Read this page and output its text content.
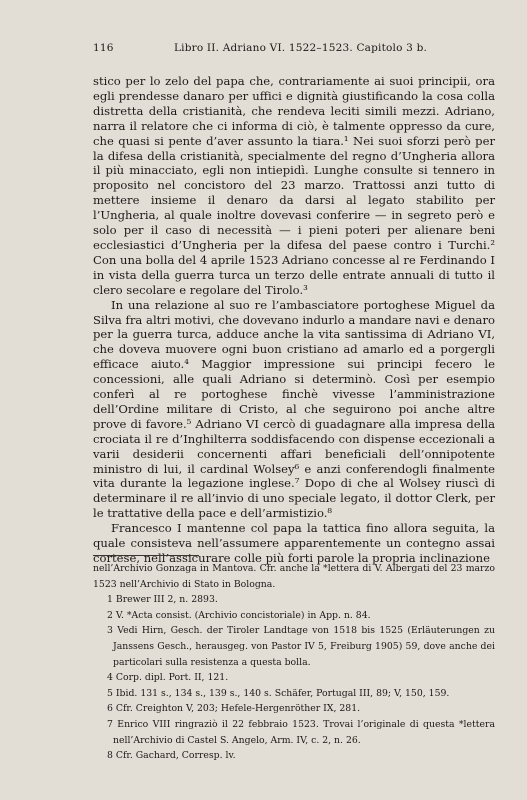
116	Libro II. Adriano VI. 1522–1523. Capitolo 3 b.

stico per lo zelo del papa che, contrariamente ai suoi principii, ora egli prendesse danaro per uffici e dignità giustificando la cosa colla distretta della cristianità, che rendeva leciti simili mezzi. Adriano, narra il relatore che ci informa di ciò, è talmente oppresso da cure, che quasi si pente d’aver assunto la tiara.¹ Nei suoi sforzi però per la difesa della cristianità, specialmente del regno d’Ungheria allora il più minacciato, egli non intiepidì. Lunghe consulte si tennero in proposito nel concistoro del 23 marzo. Trattossi anzi tutto di mettere insieme il denaro da darsi al legato stabilito per l’Ungheria, al quale inoltre dovevasi conferire — in segreto però e solo per il caso di necessità — i pieni poteri per alienare beni ecclesiastici d’Ungheria per la difesa del paese contro i Turchi.² Con una bolla del 4 aprile 1523 Adriano concesse al re Ferdinando I in vista della guerra turca un terzo delle entrate annuali di tutto il clero secolare e regolare del Tirolo.³

In una relazione al suo re l’ambasciatore portoghese Miguel da Silva fra altri motivi, che dovevano indurlo a mandare navi e denaro per la guerra turca, adduce anche la vita santissima di Adriano VI, che doveva muovere ogni buon cristiano ad amarlo ed a porgergli efficace aiuto.⁴ Maggior impressione sui principi fecero le concessioni, alle quali Adriano si determinò. Così per esempio conferì al re portoghese finchè vivesse l’amministrazione dell’Ordine militare di Cristo, al che seguirono poi anche altre prove di favore.⁵ Adriano VI cercò di guadagnare alla impresa della crociata il re d’Inghilterra soddisfacendo con dispense eccezionali a varii desiderii concernenti affari beneficiali dell’onnipotente ministro di lui, il cardinal Wolsey⁶ e anzi conferendogli finalmente vita durante la legazione inglese.⁷ Dopo di che al Wolsey riuscì di determinare il re all’invio di uno speciale legato, il dottor Clerk, per le trattative della pace e dell’armistizio.⁸

Francesco I mantenne col papa la tattica fino allora seguita, la quale consisteva nell’assumere apparentemente un contegno assai cortese, nell’assicurare colle più forti parole la propria inclinazione

nell’Archivio Gonzaga in Mantova. Cfr. anche la *lettera di V. Albergati del 23 marzo 1523 nell’Archivio di Stato in Bologna.

1 Brewer III 2, n. 2893.

2 V. *Acta consist. (Archivio concistoriale) in App. n. 84.

3 Vedi Hirn, Gesch. der Tiroler Landtage von 1518 bis 1525 (Erläuterungen zu Janssens Gesch., herausgeg. von Pastor IV 5, Freiburg 1905) 59, dove anche dei particolari sulla resistenza a questa bolla.

4 Corp. dipl. Port. II, 121.

5 Ibid. 131 s., 134 s., 139 s., 140 s. Schäfer, Portugal III, 89; V, 150, 159.

6 Cfr. Creighton V, 203; Hefele-Hergenröther IX, 281.

7 Enrico VIII ringraziò il 22 febbraio 1523. Trovai l’originale di questa *lettera nell’Archivio di Castel S. Angelo, Arm. IV, c. 2, n. 26.

8 Cfr. Gachard, Corresp. lv.
